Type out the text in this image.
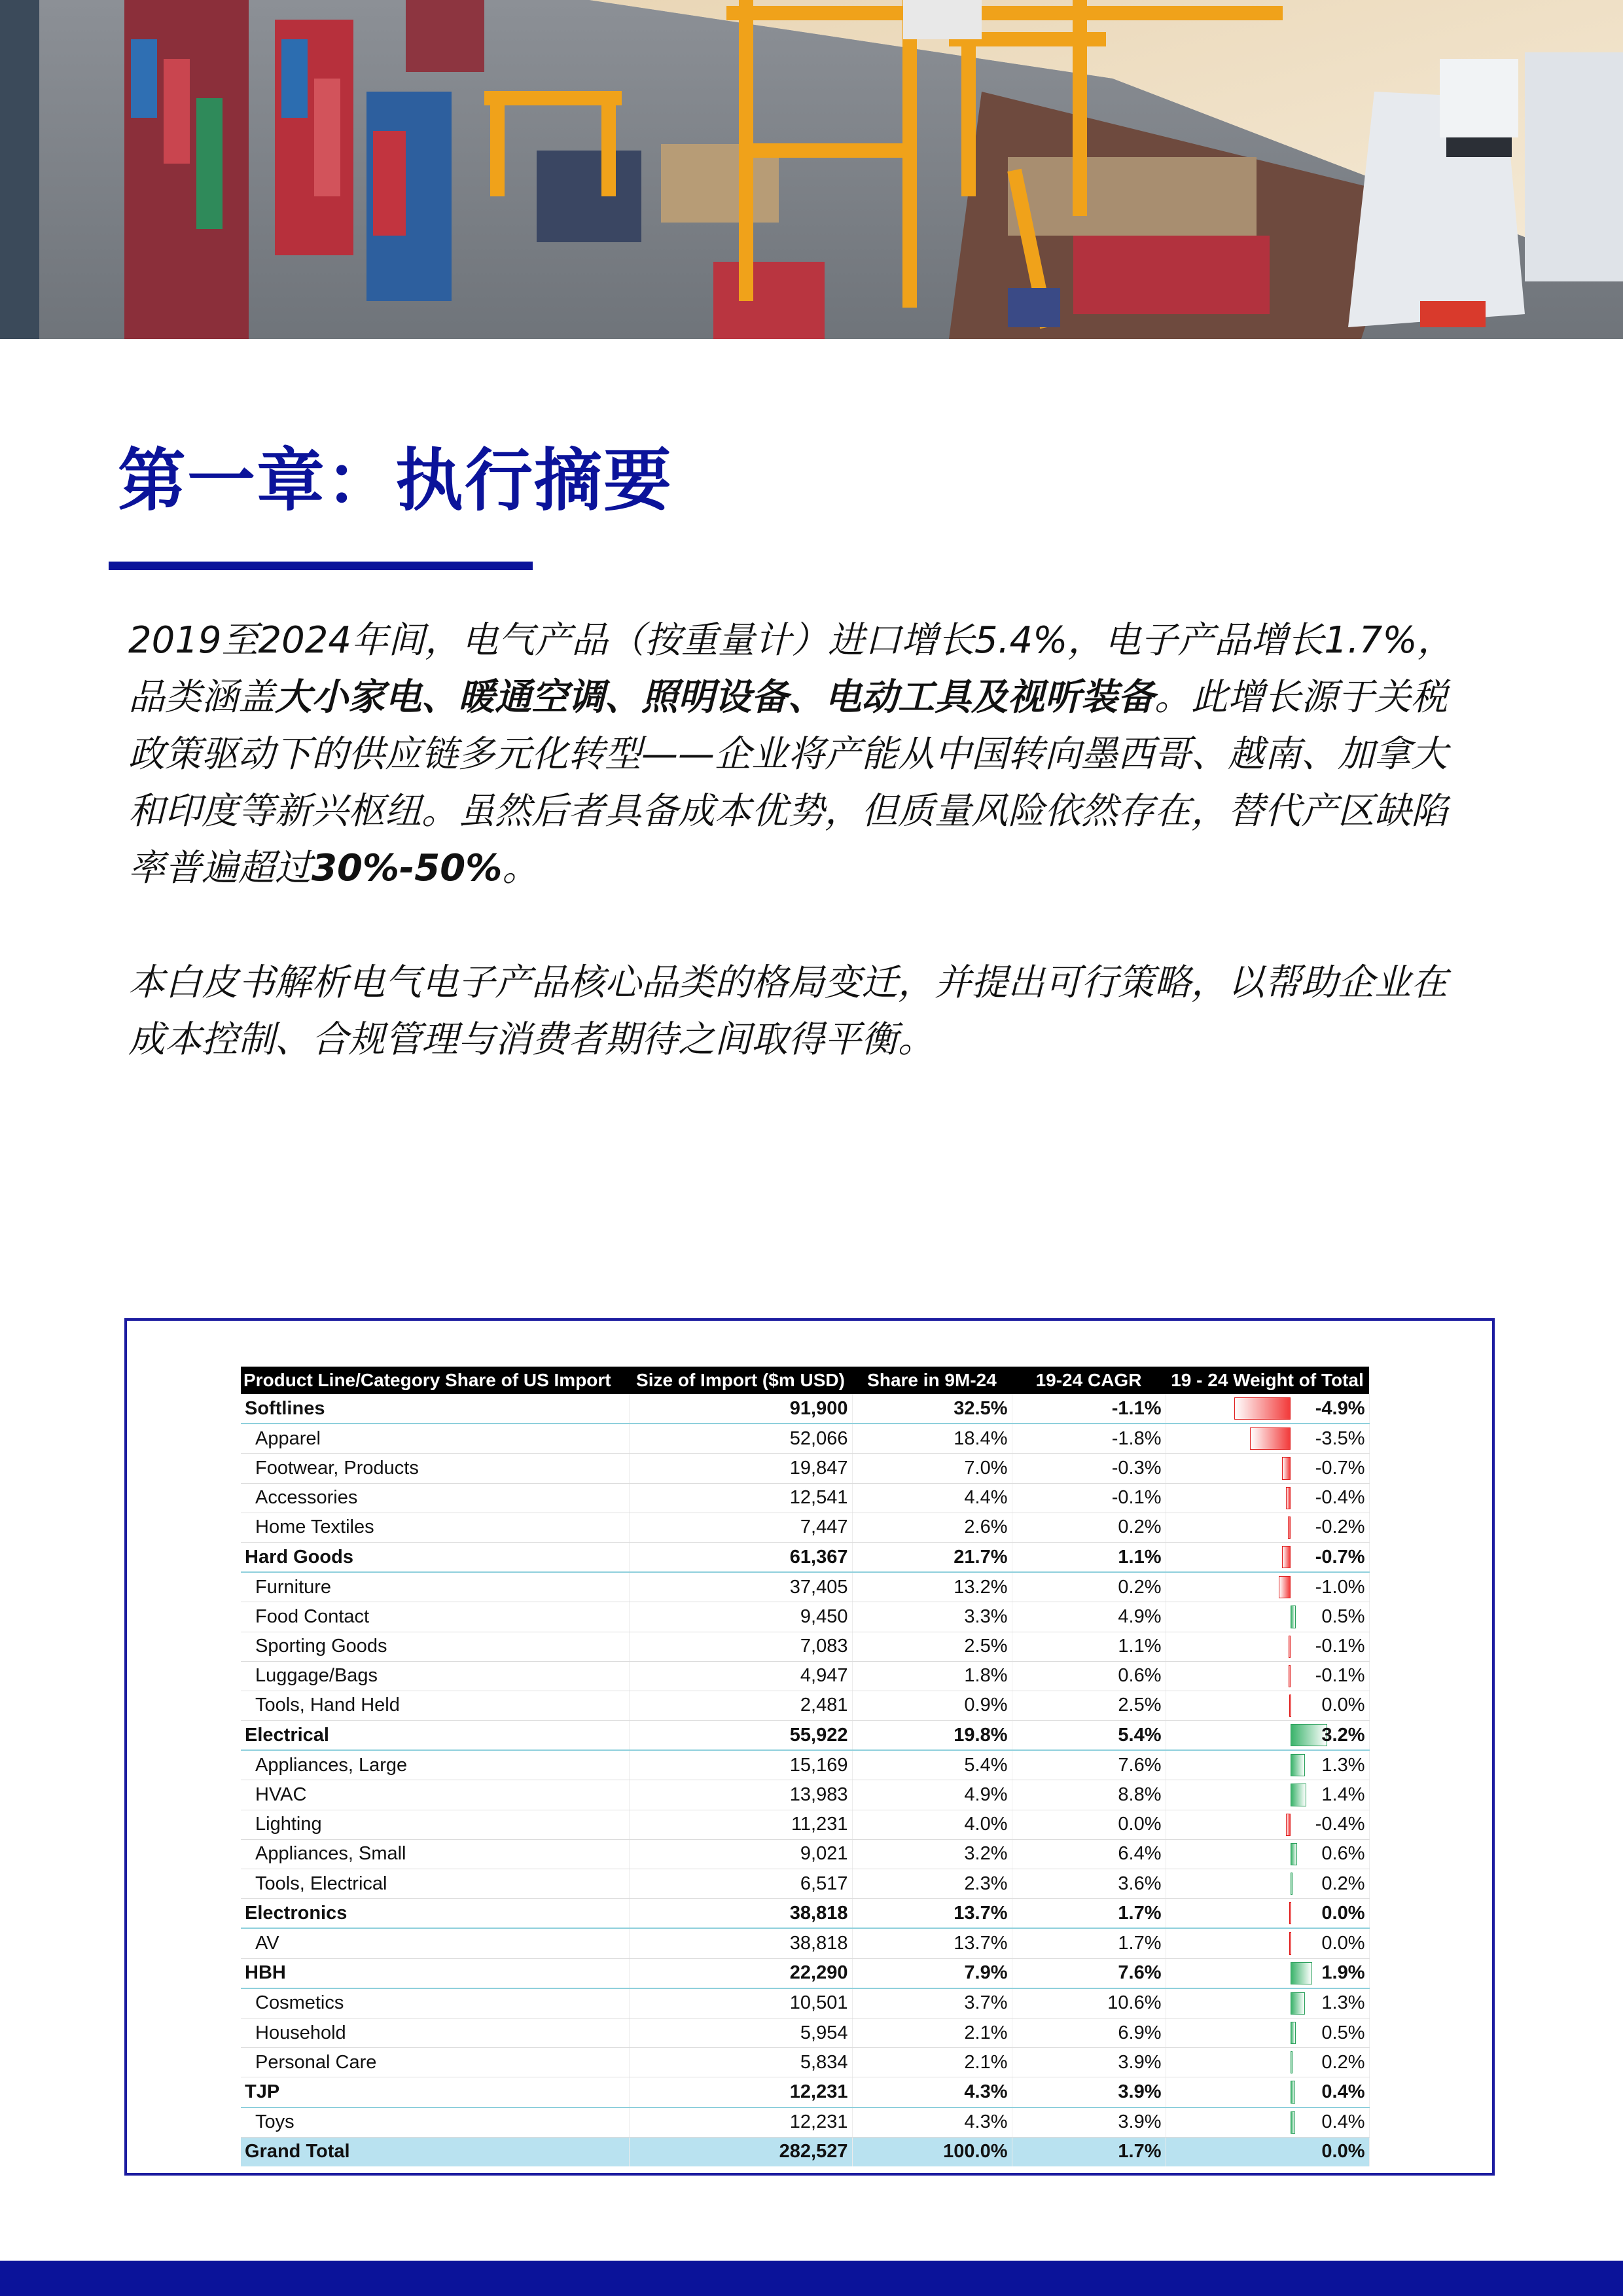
第一章：执行摘要

2019至2024年间，电气产品（按重量计）进口增长5.4%，电子产品增长1.7%，品类涵盖大小家电、暖通空调、照明设备、电动工具及视听装备。此增长源于关税政策驱动下的供应链多元化转型——企业将产能从中国转向墨西哥、越南、加拿大和印度等新兴枢纽。虽然后者具备成本优势，但质量风险依然存在，替代产区缺陷率普遍超过30%-50%。

本白皮书解析电气电子产品核心品类的格局变迁，并提出可行策略，以帮助企业在成本控制、合规管理与消费者期待之间取得平衡。

Product Line/Category Share of US Import	Size of Import ($m USD)	Share in 9M-24	19-24 CAGR	19 - 24 Weight of Total
Softlines	91,900	32.5%	-1.1%	-4.9%

Apparel	52,066	18.4%	-1.8%	-3.5%

Footwear, Products	19,847	7.0%	-0.3%	-0.7%

Accessories	12,541	4.4%	-0.1%	-0.4%

Home Textiles	7,447	2.6%	0.2%	-0.2%

Hard Goods	61,367	21.7%	1.1%	-0.7%

Furniture	37,405	13.2%	0.2%	-1.0%

Food Contact	9,450	3.3%	4.9%	0.5%

Sporting Goods	7,083	2.5%	1.1%	-0.1%

Luggage/Bags	4,947	1.8%	0.6%	-0.1%

Tools, Hand Held	2,481	0.9%	2.5%	0.0%

Electrical	55,922	19.8%	5.4%	3.2%

Appliances, Large	15,169	5.4%	7.6%	1.3%

HVAC	13,983	4.9%	8.8%	1.4%

Lighting	11,231	4.0%	0.0%	-0.4%

Appliances, Small	9,021	3.2%	6.4%	0.6%

Tools, Electrical	6,517	2.3%	3.6%	0.2%

Electronics	38,818	13.7%	1.7%	0.0%

AV	38,818	13.7%	1.7%	0.0%

HBH	22,290	7.9%	7.6%	1.9%

Cosmetics	10,501	3.7%	10.6%	1.3%

Household	5,954	2.1%	6.9%	0.5%

Personal Care	5,834	2.1%	3.9%	0.2%

TJP	12,231	4.3%	3.9%	0.4%

Toys	12,231	4.3%	3.9%	0.4%

Grand Total	282,527	100.0%	1.7%	0.0%
